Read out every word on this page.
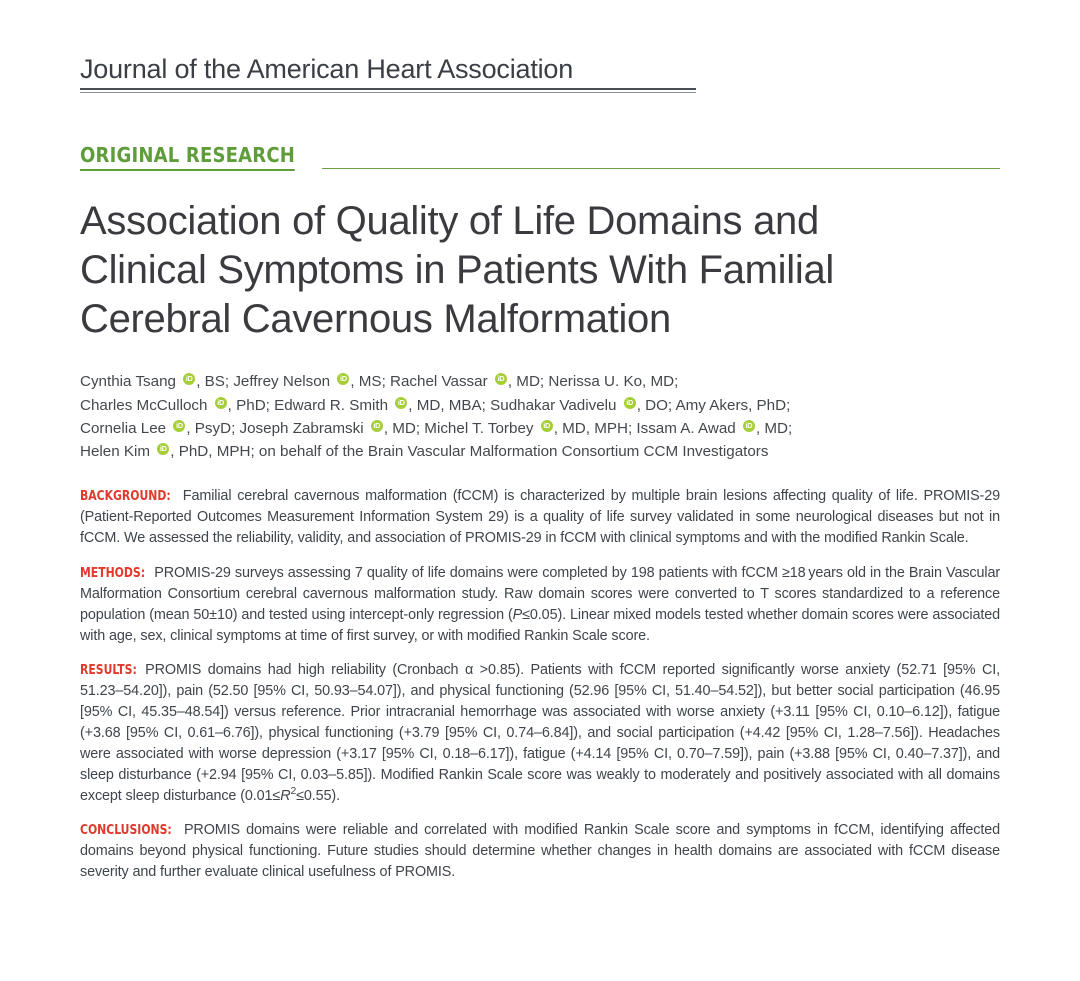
Journal of the American Heart Association
ORIGINAL RESEARCH
Association of Quality of Life Domains and
Clinical Symptoms in Patients With Familial
Cerebral Cavernous Malformation
Cynthia Tsang iD, BS; Jeffrey Nelson iD, MS; Rachel Vassar iD, MD; Nerissa U. Ko, MD;
Charles McCulloch iD, PhD; Edward R. Smith iD, MD, MBA; Sudhakar Vadivelu iD, DO; Amy Akers, PhD;
Cornelia Lee iD, PsyD; Joseph Zabramski iD, MD; Michel T. Torbey iD, MD, MPH; Issam A. Awad iD, MD;
Helen Kim iD, PhD, MPH; on behalf of the Brain Vascular Malformation Consortium CCM Investigators

BACKGROUND: Familial cerebral cavernous malformation (fCCM) is characterized by multiple brain lesions affecting quality of life. PROMIS-29 (Patient-Reported Outcomes Measurement Information System 29) is a quality of life survey validated in some neurological diseases but not in fCCM. We assessed the reliability, validity, and association of PROMIS-29 in fCCM with clinical symptoms and with the modified Rankin Scale.

METHODS: PROMIS-29 surveys assessing 7 quality of life domains were completed by 198 patients with fCCM ≥18 years old in the Brain Vascular Malformation Consortium cerebral cavernous malformation study. Raw domain scores were converted to T scores standardized to a reference population (mean 50±10) and tested using intercept-only regression (P≤0.05). Linear mixed models tested whether domain scores were associated with age, sex, clinical symptoms at time of first survey, or with modified Rankin Scale score.

RESULTS: PROMIS domains had high reliability (Cronbach α >0.85). Patients with fCCM reported significantly worse anxiety (52.71 [95% CI, 51.23–54.20]), pain (52.50 [95% CI, 50.93–54.07]), and physical functioning (52.96 [95% CI, 51.40–54.52]), but better social participation (46.95 [95% CI, 45.35–48.54]) versus reference. Prior intracranial hemorrhage was associated with worse anxiety (+3.11 [95% CI, 0.10–6.12]), fatigue (+3.68 [95% CI, 0.61–6.76]), physical functioning (+3.79 [95% CI, 0.74–6.84]), and social participation (+4.42 [95% CI, 1.28–7.56]). Headaches were associated with worse depression (+3.17 [95% CI, 0.18–6.17]), fatigue (+4.14 [95% CI, 0.70–7.59]), pain (+3.88 [95% CI, 0.40–7.37]), and sleep disturbance (+2.94 [95% CI, 0.03–5.85]). Modified Rankin Scale score was weakly to moderately and positively associated with all domains except sleep disturbance $(0.01\le R^2\le 0.55)$.

CONCLUSIONS: PROMIS domains were reliable and correlated with modified Rankin Scale score and symptoms in fCCM, identifying affected domains beyond physical functioning. Future studies should determine whether changes in health domains are associated with fCCM disease severity and further evaluate clinical usefulness of PROMIS.
